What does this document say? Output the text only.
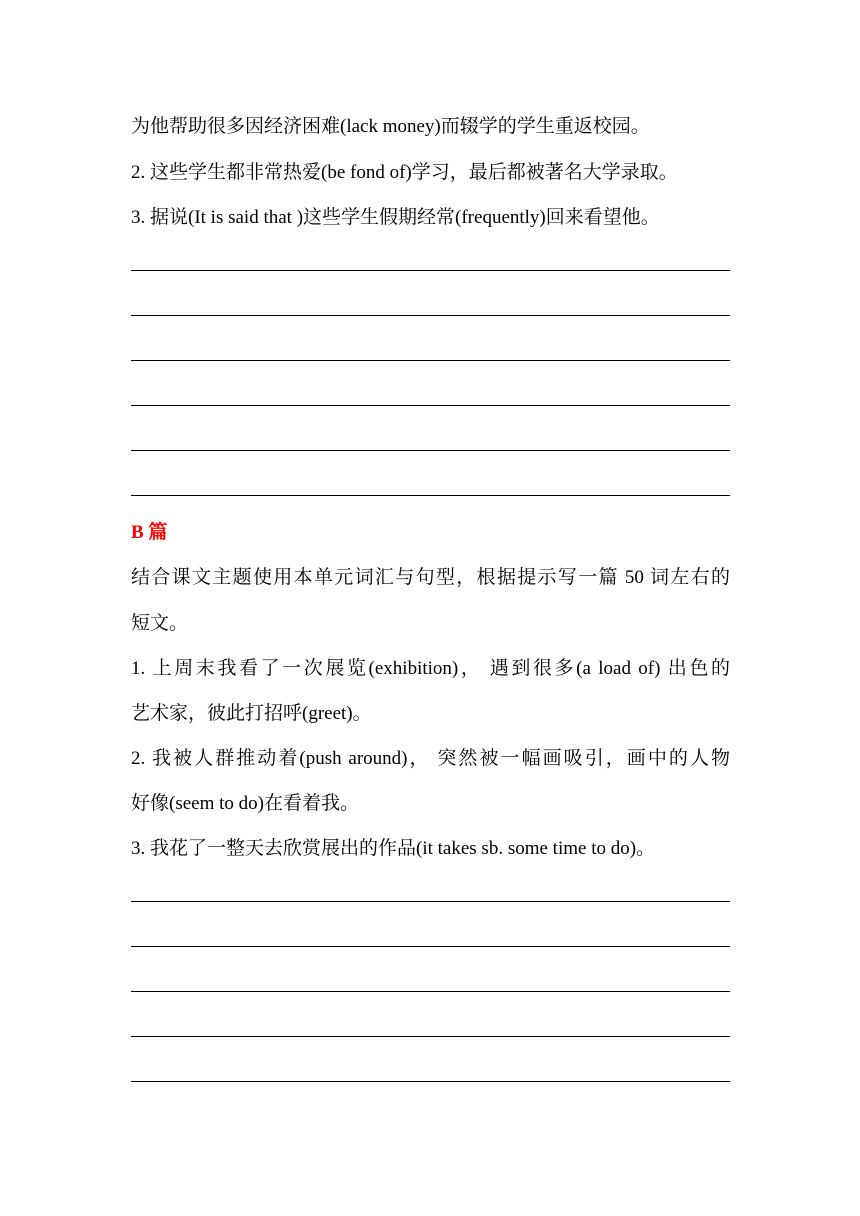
为他帮助很多因经济困难(lack money)而辍学的学生重返校园。

2. 这些学生都非常热爱(be fond of)学习，最后都被著名大学录取。

3. 据说(It is said that )这些学生假期经常(frequently)回来看望他。

B 篇

结合课文主题使用本单元词汇与句型，根据提示写一篇 50 词左右的

短文。

1. 上周末我看了一次展览(exhibition)， 遇到很多(a load of) 出色的

艺术家，彼此打招呼(greet)。

2. 我被人群推动着(push around)， 突然被一幅画吸引，画中的人物

好像(seem to do)在看着我。

3. 我花了一整天去欣赏展出的作品(it takes sb. some time to do)。
